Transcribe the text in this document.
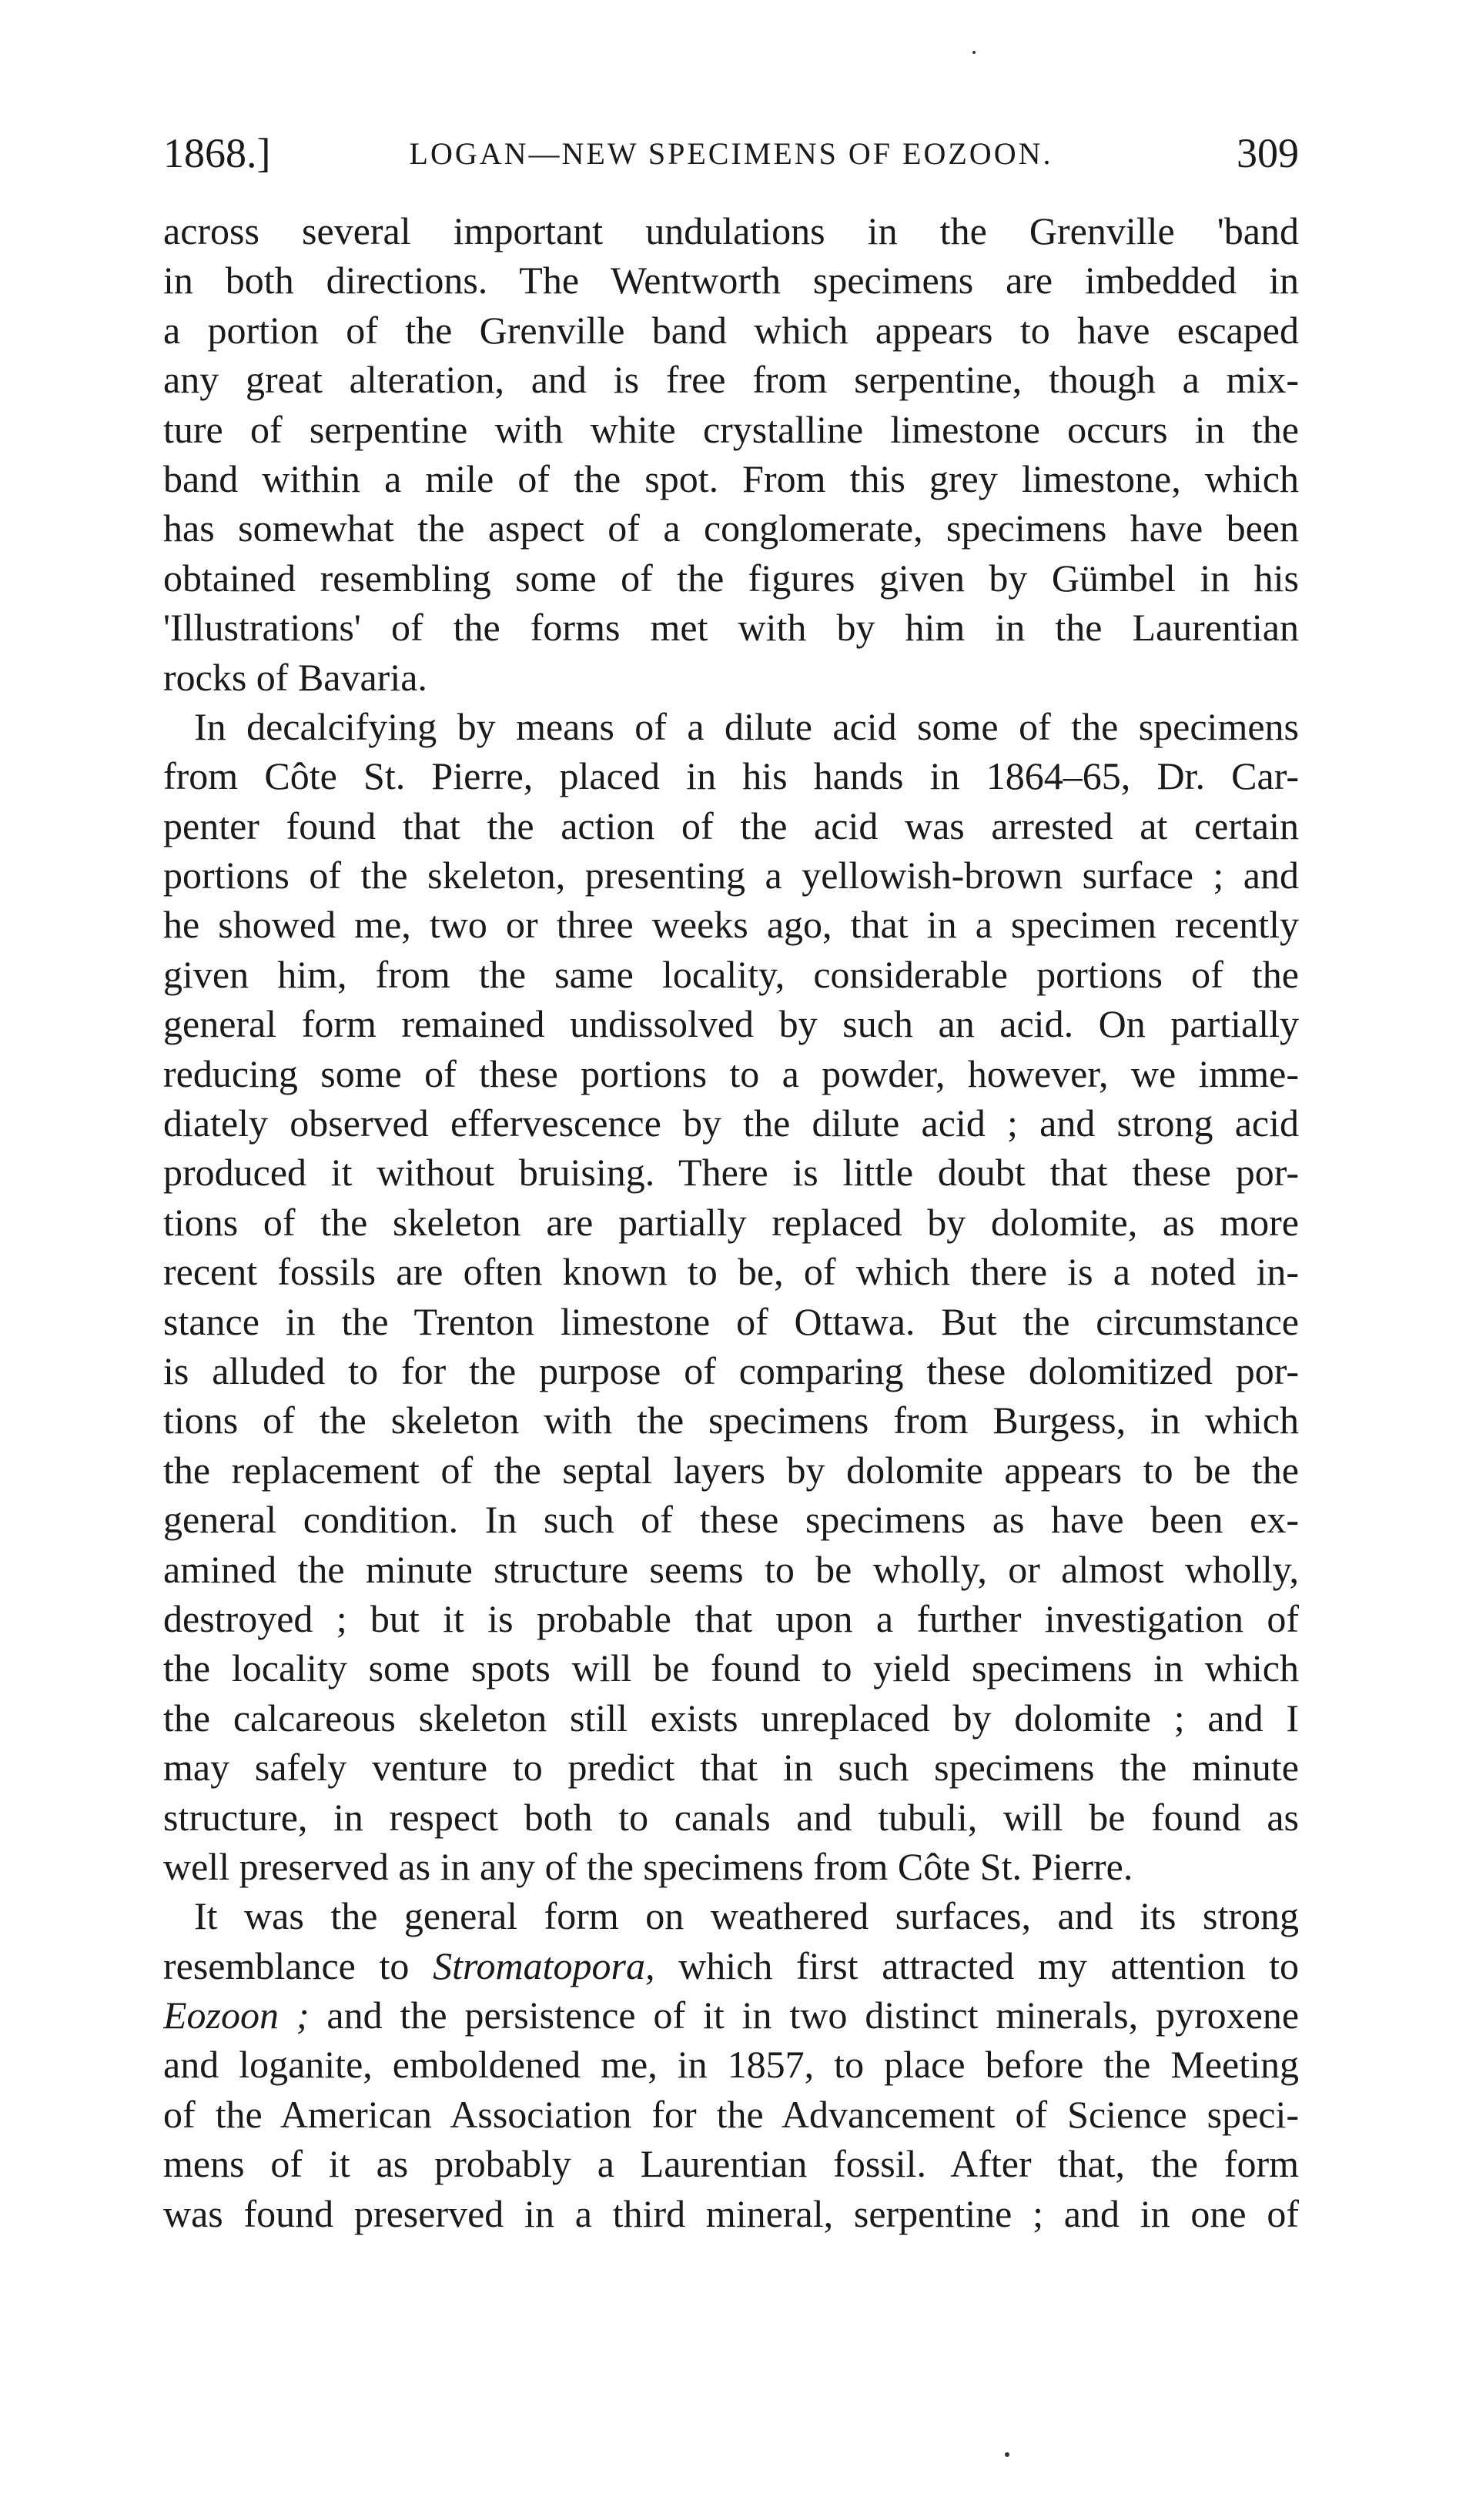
1868.]	LOGAN—NEW SPECIMENS OF EOZOON.	309
across several important undulations in the Grenville 'band
in both directions. The Wentworth specimens are imbedded in
a portion of the Grenville band which appears to have escaped
any great alteration, and is free from serpentine, though a mix-
ture of serpentine with white crystalline limestone occurs in the
band within a mile of the spot. From this grey limestone, which
has somewhat the aspect of a conglomerate, specimens have been
obtained resembling some of the figures given by Gümbel in his
'Illustrations' of the forms met with by him in the Laurentian
rocks of Bavaria.
In decalcifying by means of a dilute acid some of the specimens
from Côte St. Pierre, placed in his hands in 1864–65, Dr. Car-
penter found that the action of the acid was arrested at certain
portions of the skeleton, presenting a yellowish-brown surface ; and
he showed me, two or three weeks ago, that in a specimen recently
given him, from the same locality, considerable portions of the
general form remained undissolved by such an acid. On partially
reducing some of these portions to a powder, however, we imme-
diately observed effervescence by the dilute acid ; and strong acid
produced it without bruising. There is little doubt that these por-
tions of the skeleton are partially replaced by dolomite, as more
recent fossils are often known to be, of which there is a noted in-
stance in the Trenton limestone of Ottawa. But the circumstance
is alluded to for the purpose of comparing these dolomitized por-
tions of the skeleton with the specimens from Burgess, in which
the replacement of the septal layers by dolomite appears to be the
general condition. In such of these specimens as have been ex-
amined the minute structure seems to be wholly, or almost wholly,
destroyed ; but it is probable that upon a further investigation of
the locality some spots will be found to yield specimens in which
the calcareous skeleton still exists unreplaced by dolomite ; and I
may safely venture to predict that in such specimens the minute
structure, in respect both to canals and tubuli, will be found as
well preserved as in any of the specimens from Côte St. Pierre.
It was the general form on weathered surfaces, and its strong
resemblance to Stromatopora, which first attracted my attention to
Eozoon ; and the persistence of it in two distinct minerals, pyroxene
and loganite, emboldened me, in 1857, to place before the Meeting
of the American Association for the Advancement of Science speci-
mens of it as probably a Laurentian fossil. After that, the form
was found preserved in a third mineral, serpentine ; and in one of
